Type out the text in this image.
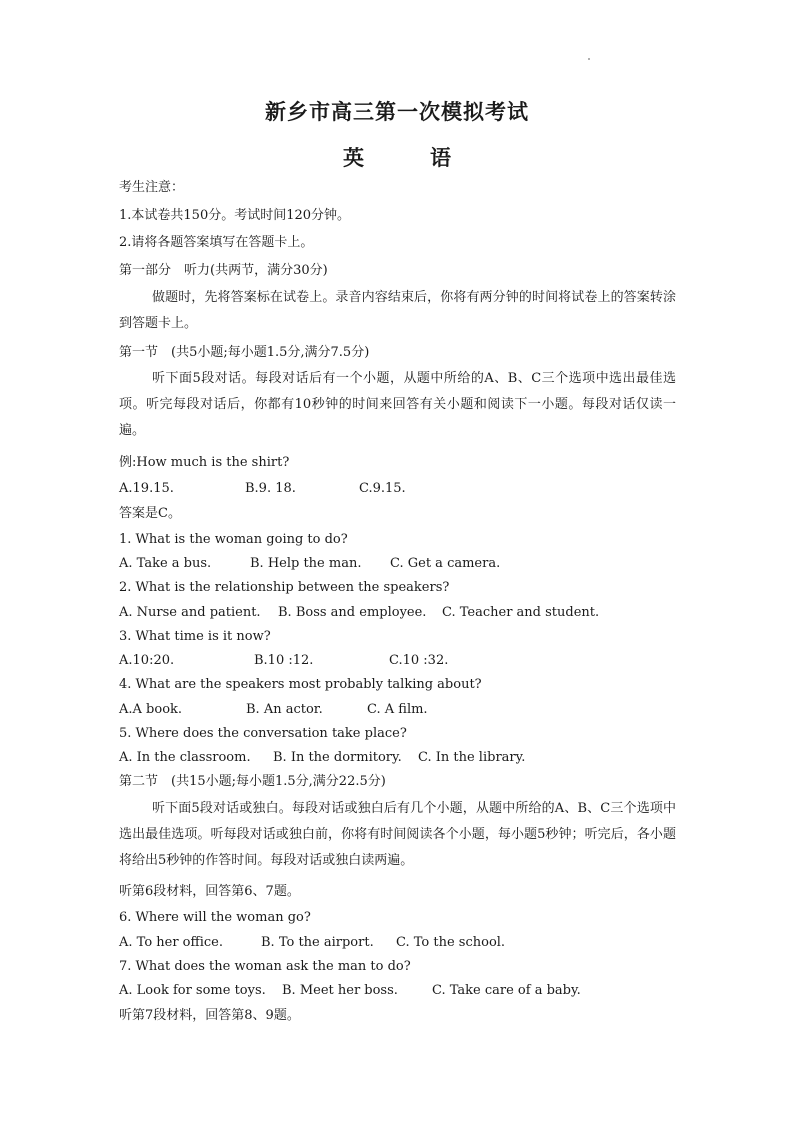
新乡市高三第一次模拟考试
英	语
考生注意：
1.本试卷共150分。考试时间120分钟。
2.请将各题答案填写在答题卡上。
第一部分　听力(共两节，满分30分)
做题时，先将答案标在试卷上。录音内容结束后，你将有两分钟的时间将试卷上的答案转涂到答题卡上。
第一节　(共5小题;每小题1.5分,满分7.5分)
听下面5段对话。每段对话后有一个小题，从题中所给的A、B、C三个选项中选出最佳选项。听完每段对话后，你都有10秒钟的时间来回答有关小题和阅读下一小题。每段对话仅读一遍。
例:How much is the shirt?
A.19.15.	B.9. 18.	C.9.15.
答案是C。
1. What is the woman going to do?
A. Take a bus.	B. Help the man. C. Get a camera.
2. What is the relationship between the speakers?
A. Nurse and patient. B. Boss and employee. C. Teacher and student.
3. What time is it now?
A.10:20.	B.10 :12.	C.10 :32.
4. What are the speakers most probably talking about?
A.A book.	B. An actor.	C. A film.
5. Where does the conversation take place?
A. In the classroom. B. In the dormitory. C. In the library.
第二节　(共15小题;每小题1.5分,满分22.5分)
听下面5段对话或独白。每段对话或独白后有几个小题，从题中所给的A、B、C三个选项中选出最佳选项。听每段对话或独白前，你将有时间阅读各个小题，每小题5秒钟；听完后，各小题将给出5秒钟的作答时间。每段对话或独白读两遍。
听第6段材料，回答第6、7题。
6. Where will the woman go?
A. To her office.	B. To the airport. C. To the school.
7. What does the woman ask the man to do?
A. Look for some toys. B. Meet her boss.	C. Take care of a baby.
听第7段材料，回答第8、9题。
